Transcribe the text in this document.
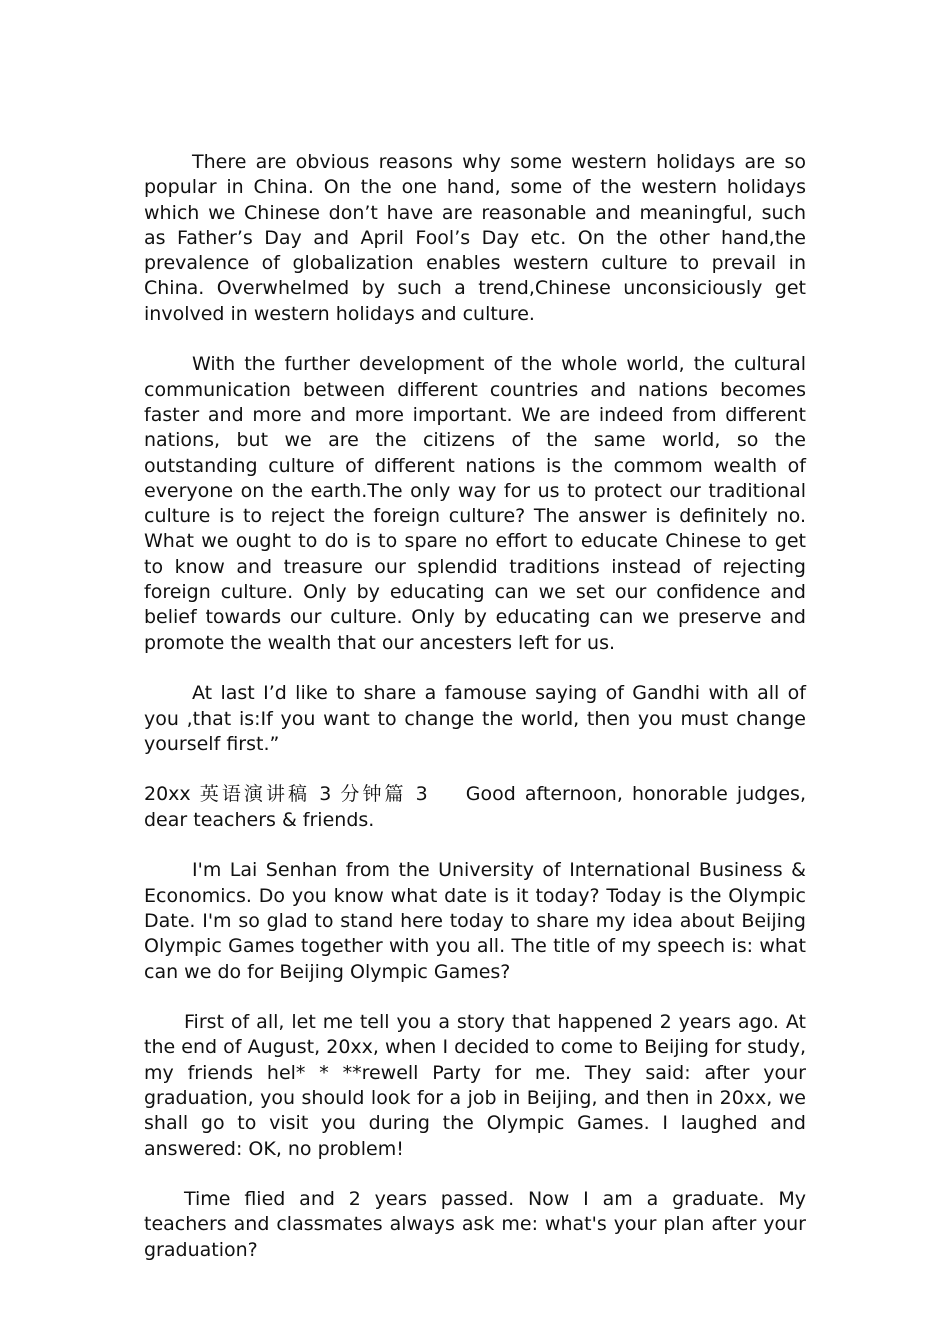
There are obvious reasons why some western holidays are so popular in China. On the one hand, some of the western holidays which we Chinese don’t have are reasonable and meaningful, such as Father’s Day and April Fool’s Day etc. On the other hand,the prevalence of globalization enables western culture to prevail in China. Overwhelmed by such a trend,Chinese unconsiciously get involved in western holidays and culture.

With the further development of the whole world, the cultural communication between different countries and nations becomes faster and more and more important. We are indeed from different nations, but we are the citizens of the same world, so the outstanding culture of different nations is the commom wealth of everyone on the earth.The only way for us to protect our traditional culture is to reject the foreign culture? The answer is definitely no. What we ought to do is to spare no effort to educate Chinese to get to know and treasure our splendid traditions instead of rejecting foreign culture. Only by educating can we set our confidence and belief towards our culture. Only by educating can we preserve and promote the wealth that our ancesters left for us.

At last I’d like to share a famouse saying of Gandhi with all of you ,that is:If you want to change the world, then you must change yourself first.”

20xx 英语演讲稿 3 分钟篇 3 Good afternoon, honorable judges, dear teachers & friends.

I'm Lai Senhan from the University of International Business & Economics. Do you know what date is it today? Today is the Olympic Date. I'm so glad to stand here today to share my idea about Beijing Olympic Games together with you all. The title of my speech is: what can we do for Beijing Olympic Games?

First of all, let me tell you a story that happened 2 years ago. At the end of August, 20xx, when I decided to come to Beijing for study, my friends hel* * **rewell Party for me. They said: after your graduation, you should look for a job in Beijing, and then in 20xx, we shall go to visit you during the Olympic Games. I laughed and answered: OK, no problem!

Time flied and 2 years passed. Now I am a graduate. My teachers and classmates always ask me: what's your plan after your graduation?
